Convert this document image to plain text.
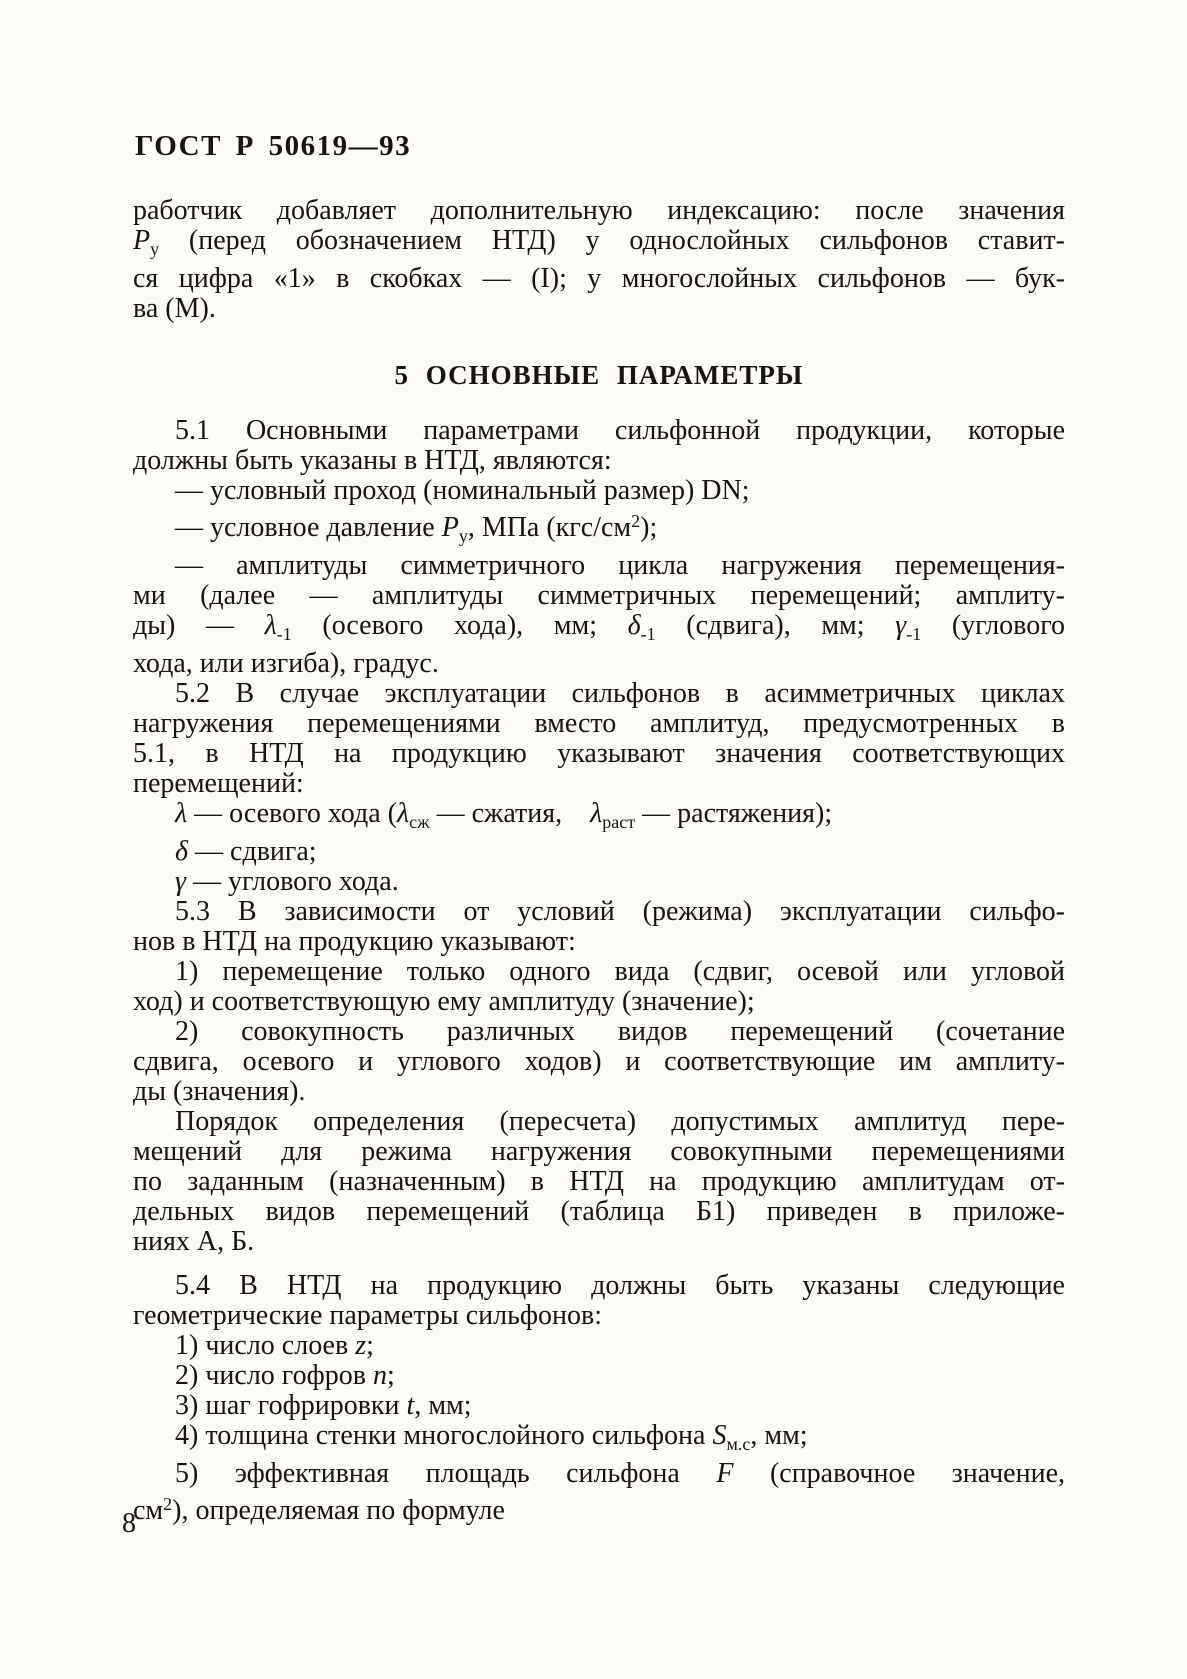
ГОСТ Р 50619—93
работчик добавляет дополнительную индексацию: после значения
$Р_у$ (перед обозначением НТД) у однослойных сильфонов ставит-
ся цифра «1» в скобках — (I); у многослойных сильфонов — бук-
ва (М).
5 ОСНОВНЫЕ ПАРАМЕТРЫ
5.1 Основными параметрами сильфонной продукции, которые
должны быть указаны в НТД, являются:
— условный проход (номинальный размер) DN;
— условное давление $Р_у$, МПа $(кгс/см^2)$;
— амплитуды симметричного цикла нагружения перемещения-
ми (далее — амплитуды симметричных перемещений; амплиту-
ды) — $\lambda_{-1}$ (осевого хода), мм; $\delta_{-1}$ (сдвига), мм; $\gamma_{-1}$ (углового
хода, или изгиба), градус.
5.2 В случае эксплуатации сильфонов в асимметричных циклах
нагружения перемещениями вместо амплитуд, предусмотренных в
5.1, в НТД на продукцию указывают значения соответствующих
перемещений:
λ — осевого хода ($\lambda_{сж}$ — сжатия,    $\lambda_{раст}$ — растяжения);
δ — сдвига;
γ — углового хода.
5.3 В зависимости от условий (режима) эксплуатации сильфо-
нов в НТД на продукцию указывают:
1) перемещение только одного вида (сдвиг, осевой или угловой
ход) и соответствующую ему амплитуду (значение);
2) совокупность различных видов перемещений (сочетание
сдвига, осевого и углового ходов) и соответствующие им амплиту-
ды (значения).
Порядок определения (пересчета) допустимых амплитуд пере-
мещений для режима нагружения совокупными перемещениями
по заданным (назначенным) в НТД на продукцию амплитудам от-
дельных видов перемещений (таблица Б1) приведен в приложе-
ниях А, Б.
5.4 В НТД на продукцию должны быть указаны следующие
геометрические параметры сильфонов:
1) число слоев z;
2) число гофров n;
3) шаг гофрировки t, мм;
4) толщина стенки многослойного сильфона $S_{м.с}$, мм;
5) эффективная площадь сильфона F (справочное значение,
$см^2$), определяемая по формуле
8
